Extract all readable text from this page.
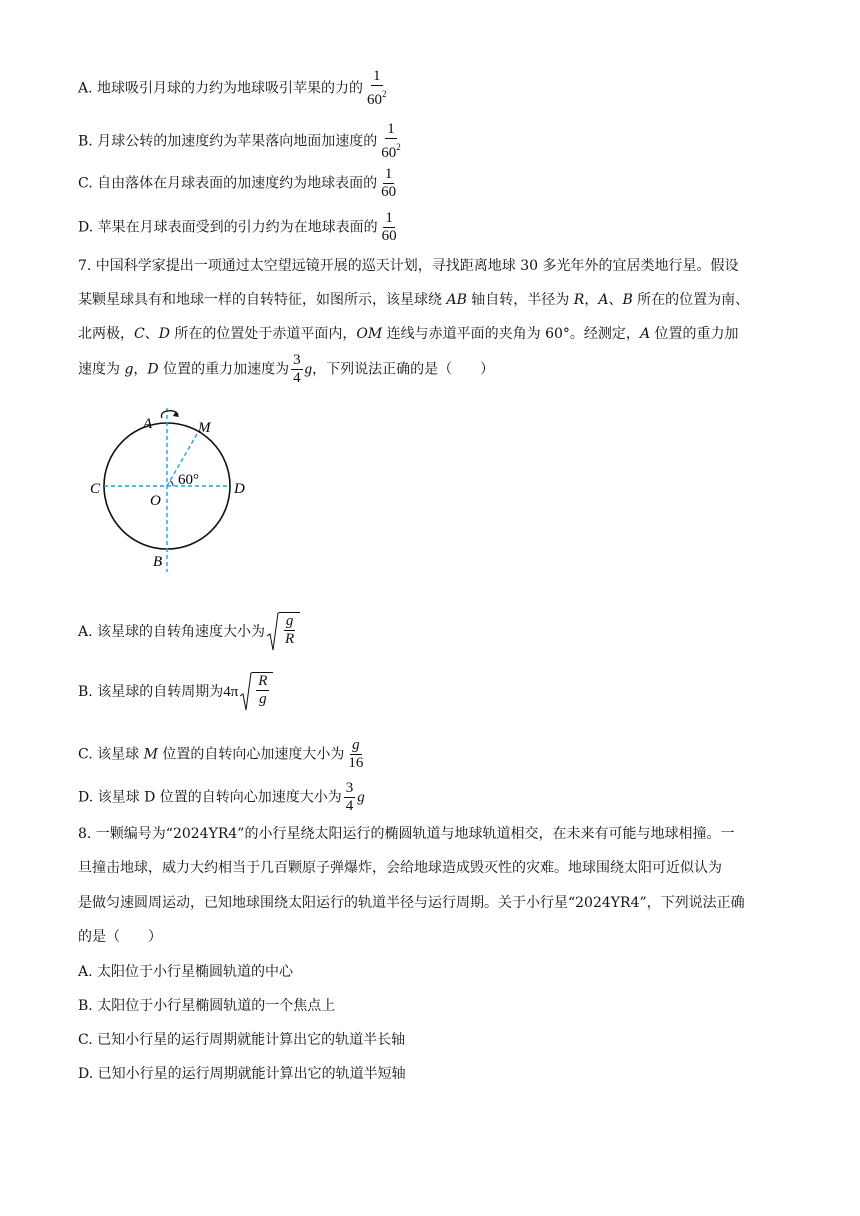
A. 地球吸引月球的力约为地球吸引苹果的力的 $\frac{1}{60^2}$
B. 月球公转的加速度约为苹果落向地面加速度的 $\frac{1}{60^2}$
C. 自由落体在月球表面的加速度约为地球表面的 $\frac{1}{60}$
D. 苹果在月球表面受到的引力约为在地球表面的 $\frac{1}{60}$
7. 中国科学家提出一项通过太空望远镜开展的巡天计划，寻找距离地球 30 多光年外的宜居类地行星。假设
某颗星球具有和地球一样的自转特征，如图所示，该星球绕 AB 轴自转，半径为 R，A、B 所在的位置为南、
北两极，C、D 所在的位置处于赤道平面内，OM 连线与赤道平面的夹角为 60°。经测定，A 位置的重力加
速度为 g，D 位置的重力加速度为 $\frac{3}{4}$ g，下列说法正确的是（　　）
A	M
C	D
O
B
60°
A. 该星球的自转角速度大小为 $\frac{g}{R}$
B. 该星球的自转周期为$4\pi \frac{R}{g}$
C. 该星球 M 位置的自转向心加速度大小为 $\frac{g}{16}$
D. 该星球 D 位置的自转向心加速度大小为 $\frac{3}{4}$ g
8. 一颗编号为“2024YR4”的小行星绕太阳运行的椭圆轨道与地球轨道相交，在未来有可能与地球相撞。一
旦撞击地球，威力大约相当于几百颗原子弹爆炸，会给地球造成毁灭性的灾难。地球围绕太阳可近似认为
是做匀速圆周运动，已知地球围绕太阳运行的轨道半径与运行周期。关于小行星“2024YR4”，下列说法正确
的是（　　）
A. 太阳位于小行星椭圆轨道的中心
B. 太阳位于小行星椭圆轨道的一个焦点上
C. 已知小行星的运行周期就能计算出它的轨道半长轴
D. 已知小行星的运行周期就能计算出它的轨道半短轴
